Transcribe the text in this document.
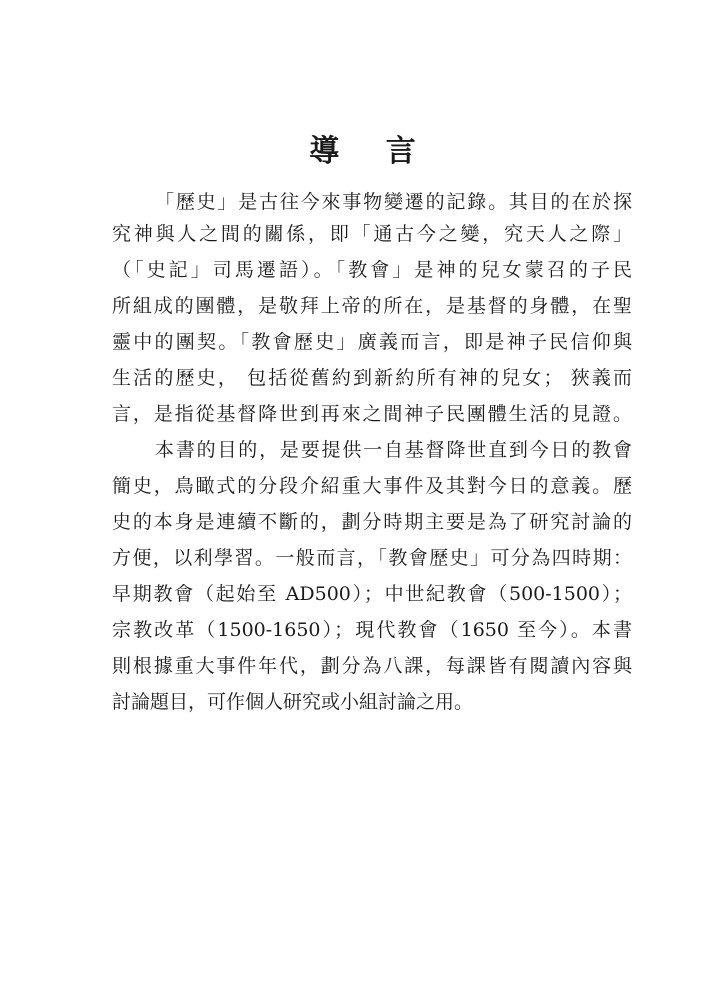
導 言
「歷史」是古往今來事物變遷的記錄。其目的在於探
究神與人之間的關係，即「通古今之變，究天人之際」
（「史記」司馬遷語）。「教會」是神的兒女蒙召的子民
所組成的團體，是敬拜上帝的所在，是基督的身體，在聖
靈中的團契。「教會歷史」廣義而言，即是神子民信仰與
生活的歷史， 包括從舊約到新約所有神的兒女； 狹義而
言，是指從基督降世到再來之間神子民團體生活的見證。
本書的目的，是要提供一自基督降世直到今日的教會
簡史，鳥瞰式的分段介紹重大事件及其對今日的意義。歷
史的本身是連續不斷的，劃分時期主要是為了研究討論的
方便，以利學習。一般而言，「教會歷史」可分為四時期：
早期教會（起始至 AD500）；中世紀教會（500-1500）；
宗教改革（1500-1650）；現代教會（1650 至今）。本書
則根據重大事件年代，劃分為八課，每課皆有閱讀內容與
討論題目，可作個人研究或小組討論之用。
